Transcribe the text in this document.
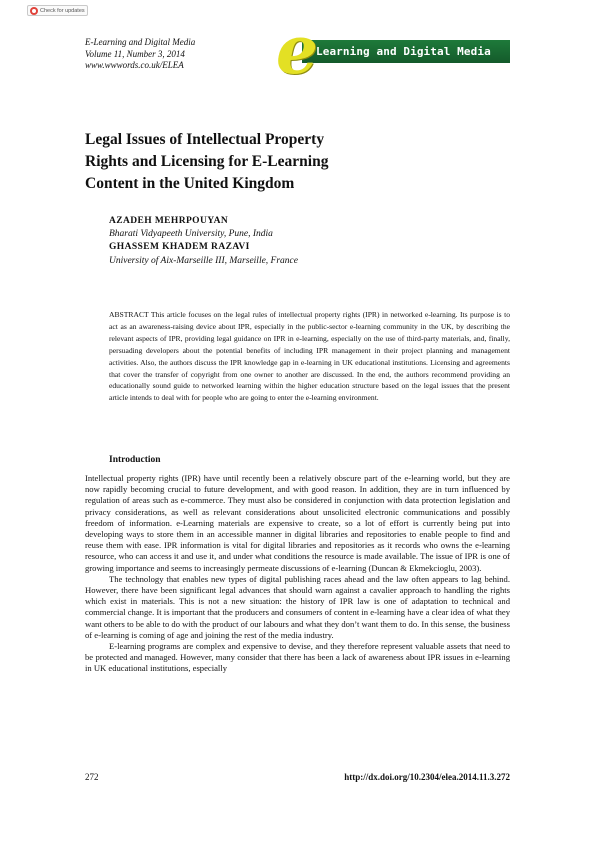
Check for updates
E-Learning and Digital Media
Volume 11, Number 3, 2014
www.wwwords.co.uk/ELEA
Learning and Digital Media
e
Legal Issues of Intellectual Property
Rights and Licensing for E-Learning
Content in the United Kingdom
AZADEH MEHRPOUYAN
Bharati Vidyapeeth University, Pune, India
GHASSEM KHADEM RAZAVI
University of Aix-Marseille III, Marseille, France
ABSTRACT This article focuses on the legal rules of intellectual property rights (IPR) in networked e-learning. Its purpose is to act as an awareness-raising device about IPR, especially in the public-sector e-learning community in the UK, by describing the relevant aspects of IPR, providing legal guidance on IPR in e-learning, especially on the use of third-party materials, and, finally, persuading developers about the potential benefits of including IPR management in their project planning and management activities. Also, the authors discuss the IPR knowledge gap in e-learning in UK educational institutions. Licensing and agreements that cover the transfer of copyright from one owner to another are discussed. In the end, the authors recommend providing an educationally sound guide to networked learning within the higher education structure based on the legal issues that the present article intends to deal with for people who are going to enter the e-learning environment.
Introduction

Intellectual property rights (IPR) have until recently been a relatively obscure part of the e-learning world, but they are now rapidly becoming crucial to future development, and with good reason. In addition, they are in turn influenced by regulation of areas such as e-commerce. They must also be considered in conjunction with data protection legislation and privacy considerations, as well as relevant considerations about unsolicited electronic communications and possibly freedom of information. e-Learning materials are expensive to create, so a lot of effort is currently being put into developing ways to store them in an accessible manner in digital libraries and repositories to enable people to find and reuse them with ease. IPR information is vital for digital libraries and repositories as it records who owns the e-learning resource, who can access it and use it, and under what conditions the resource is made available. The issue of IPR is one of growing importance and seems to increasingly permeate discussions of e-learning (Duncan & Ekmekcioglu, 2003).

The technology that enables new types of digital publishing races ahead and the law often appears to lag behind. However, there have been significant legal advances that should warn against a cavalier approach to handling the rights which exist in materials. This is not a new situation: the history of IPR law is one of adaptation to technical and commercial change. It is important that the producers and consumers of content in e-learning have a clear idea of what they want others to be able to do with the product of our labours and what they don’t want them to do. In this sense, the business of e-learning is coming of age and joining the rest of the media industry.

E-learning programs are complex and expensive to devise, and they therefore represent valuable assets that need to be protected and managed. However, many consider that there has been a lack of awareness about IPR issues in e-learning in UK educational institutions, especially

272	http://dx.doi.org/10.2304/elea.2014.11.3.272
